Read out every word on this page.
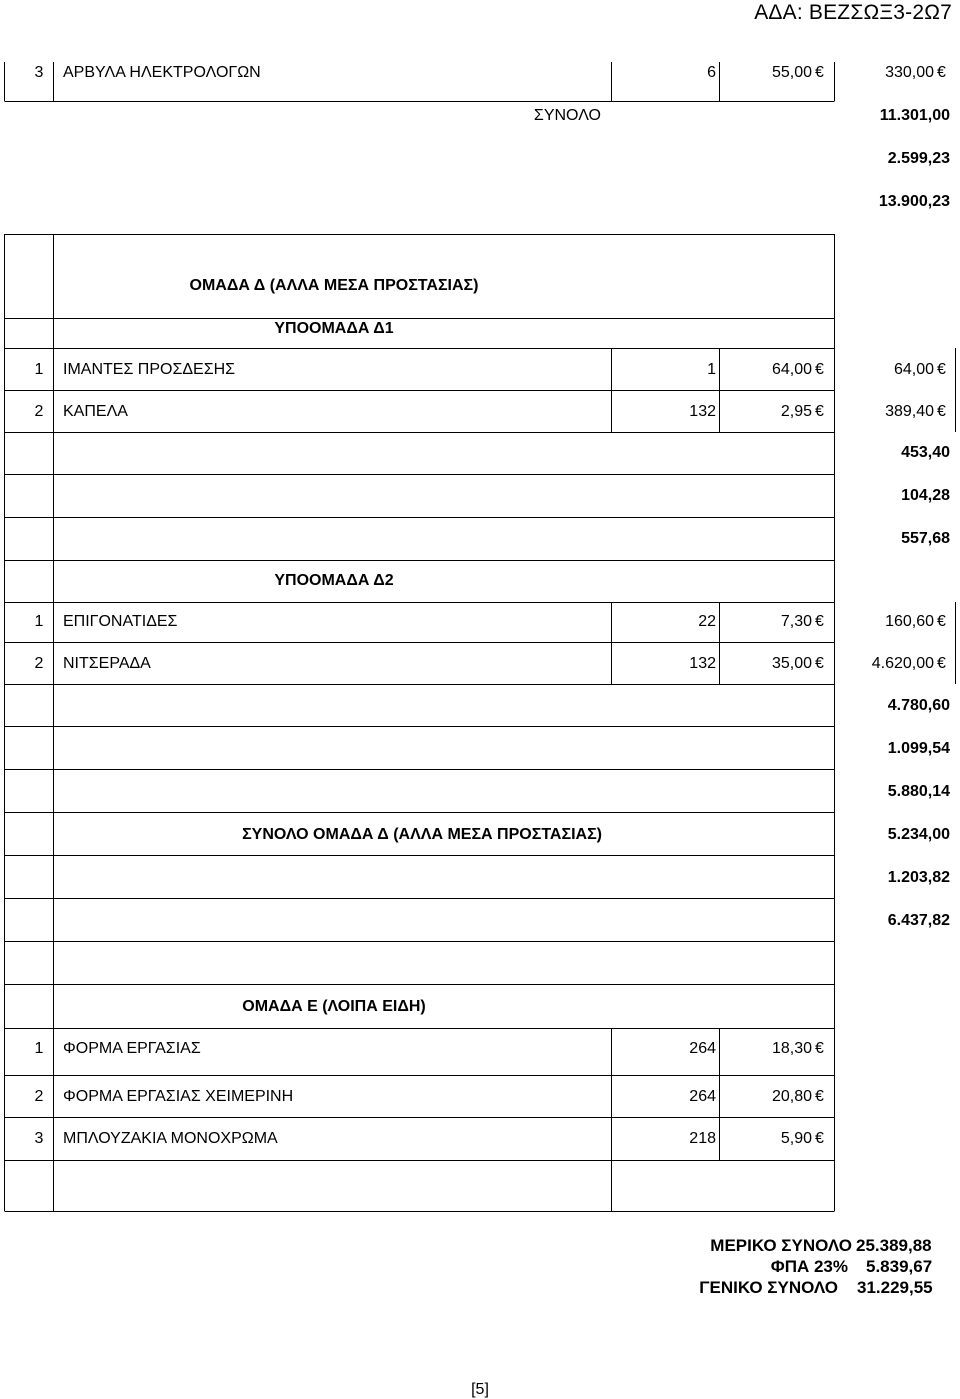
ΑΔΑ: ΒΕΖΣΩΞ3-2Ω7
3	ΑΡΒΥΛΑ ΗΛΕΚΤΡΟΛΟΓΩΝ	6	55,00	330,00
ΣΥΝΟΛΟ	11.301,00
2.599,23
13.900,23
ΟΜΑΔΑ Δ (ΑΛΛΑ ΜΕΣΑ ΠΡΟΣΤΑΣΙΑΣ)
ΥΠΟΟΜΑΔΑ Δ1
1	ΙΜΑΝΤΕΣ ΠΡΟΣΔΕΣΗΣ	1	64,00	64,00
2	ΚΑΠΕΛΑ	132	2,95	389,40
453,40
104,28
557,68
ΥΠΟΟΜΑΔΑ Δ2
1	ΕΠΙΓΟΝΑΤΙΔΕΣ	22	7,30	160,60
2	ΝΙΤΣΕΡΑΔΑ	132	35,00	4.620,00
4.780,60
1.099,54
5.880,14
ΣΥΝΟΛΟ ΟΜΑΔΑ Δ (ΑΛΛΑ ΜΕΣΑ ΠΡΟΣΤΑΣΙΑΣ)	5.234,00
1.203,82
6.437,82
ΟΜΑΔΑ Ε (ΛΟΙΠΑ ΕΙΔΗ)
1	ΦΟΡΜΑ ΕΡΓΑΣΙΑΣ	264	18,30
2	ΦΟΡΜΑ ΕΡΓΑΣΙΑΣ ΧΕΙΜΕΡΙΝΗ	264	20,80
3	ΜΠΛΟΥΖΑΚΙΑ ΜΟΝΟΧΡΩΜΑ	218	5,90
€	€
€	€
€	€
€	€
€	€
€
€
€
ΜΕΡΙΚΟ ΣΥΝΟΛΟ 25.389,88
ΦΠΑ 23% 5.839,67
ΓΕΝΙΚΟ ΣΥΝΟΛΟ 31.229,55
[5]
